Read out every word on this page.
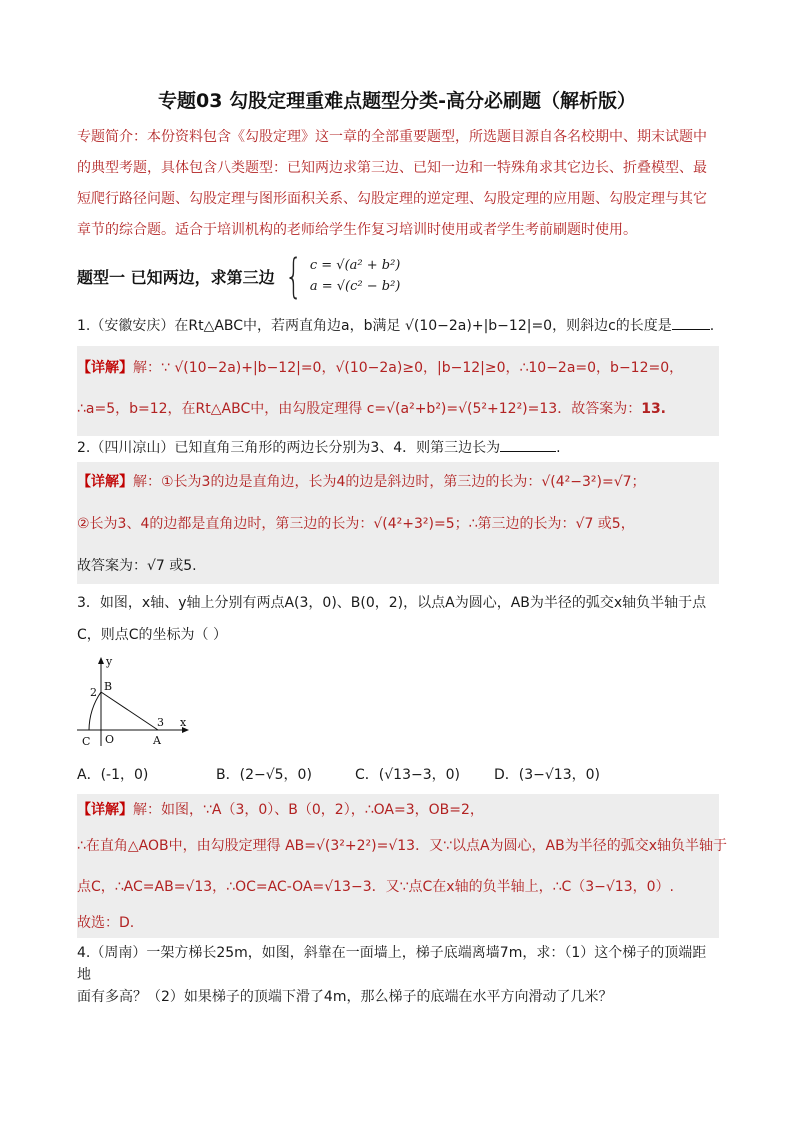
专题03 勾股定理重难点题型分类-高分必刷题（解析版）
专题简介：本份资料包含《勾股定理》这一章的全部重要题型，所选题目源自各名校期中、期末试题中的典型考题，具体包含八类题型：已知两边求第三边、已知一边和一特殊角求其它边长、折叠模型、最短爬行路径问题、勾股定理与图形面积关系、勾股定理的逆定理、勾股定理的应用题、勾股定理与其它章节的综合题。适合于培训机构的老师给学生作复习培训时使用或者学生考前刷题时使用。
题型一 已知两边，求第三边 { c = √(a² + b²)
a = √(c² − b²)
1.（安徽安庆）在Rt△ABC中，若两直角边a，b满足 √(10−2a)+|b−12|=0，则斜边c的长度是	.
【详解】解：∵ √(10−2a)+|b−12|=0，√(10−2a)≥0，|b−12|≥0，∴10−2a=0，b−12=0，
∴a=5，b=12，在Rt△ABC中，由勾股定理得 c=√(a²+b²)=√(5²+12²)=13．故答案为：13.
2.（四川凉山）已知直角三角形的两边长分别为3、4．则第三边长为	.
【详解】解：①长为3的边是直角边，长为4的边是斜边时，第三边的长为：√(4²−3²)=√7；
②长为3、4的边都是直角边时，第三边的长为：√(4²+3²)=5；∴第三边的长为：√7 或5，
故答案为：√7 或5.
3．如图，x轴、y轴上分别有两点A(3，0)、B(0，2)，以点A为圆心，AB为半径的弧交x轴负半轴于点
C，则点C的坐标为（ ）
y
x
B
2
3
C O	A
A．(-1，0)	B．(2−√5，0)	C．(√13−3，0)	D．(3−√13，0)
【详解】解：如图，∵A（3，0）、B（0，2），∴OA=3，OB=2，
∴在直角△AOB中，由勾股定理得 AB=√(3²+2²)=√13．又∵以点A为圆心，AB为半径的弧交x轴负半轴于
点C，∴AC=AB=√13，∴OC=AC-OA=√13−3．又∵点C在x轴的负半轴上，∴C（3−√13，0）.
故选：D.
4.（周南）一架方梯长25m，如图，斜靠在一面墙上，梯子底端离墙7m，求：（1）这个梯子的顶端距地
面有多高？（2）如果梯子的顶端下滑了4m，那么梯子的底端在水平方向滑动了几米？
